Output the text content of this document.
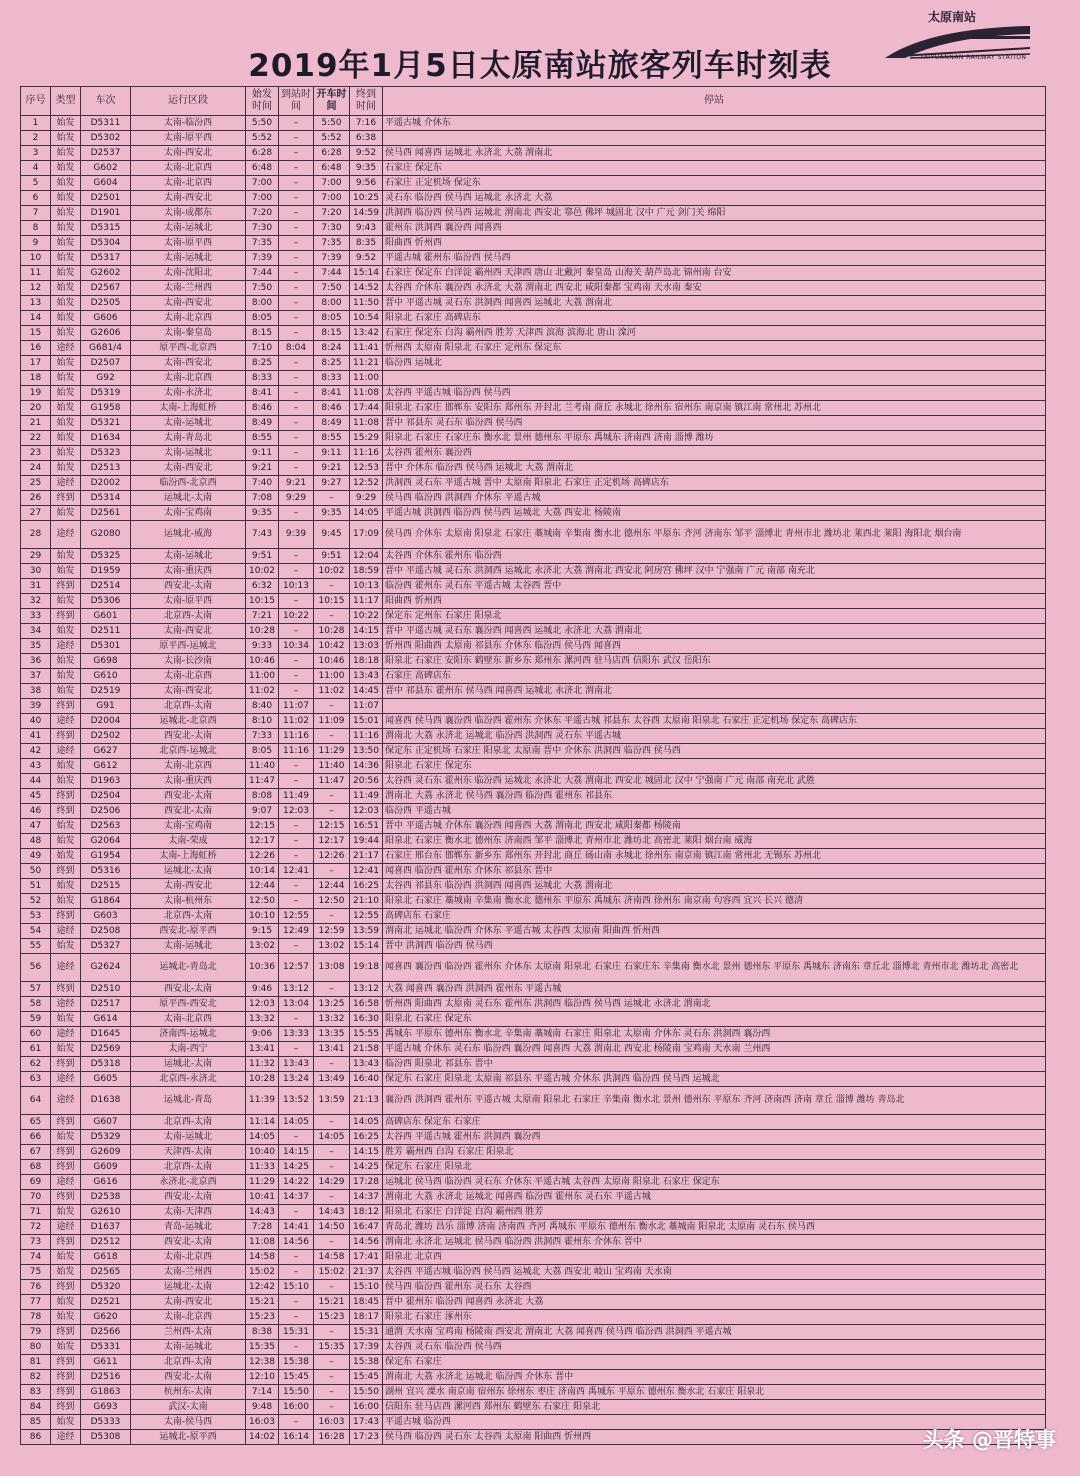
2019年1月5日太原南站旅客列车时刻表
太原南站
TAIYUANNAN RAILWAY STATION
序号	类型	车次	运行区段	始发时间	到站时间	开车时间	终到时间	停站
1	始发	D5311	太南-临汾西	5:50	–	5:50	7:16	平遥古城 介休东
2	始发	D5302	太南-原平西	5:52	–	5:52	6:38	
3	始发	D2537	太南-西安北	6:28	–	6:28	9:52	侯马西 闻喜西 运城北 永济北 大荔 渭南北
4	始发	G602	太南-北京西	6:48	–	6:48	9:35	石家庄 保定东
5	始发	G604	太南-北京西	7:00	–	7:00	9:56	石家庄 正定机场 保定东
6	始发	D2501	太南-西安北	7:00	–	7:00	10:25	灵石东 临汾西 侯马西 运城北 永济北 大荔
7	始发	D1901	太南-成都东	7:20	–	7:20	14:59	洪洞西 临汾西 侯马西 运城北 渭南北 西安北 鄠邑 佛坪 城固北 汉中 广元 剑门关 绵阳
8	始发	D5315	太南-运城北	7:30	–	7:30	9:43	霍州东 洪洞西 襄汾西 闻喜西
9	始发	D5304	太南-原平西	7:35	–	7:35	8:35	阳曲西 忻州西
10	始发	D5317	太南-运城北	7:39	–	7:39	9:52	平遥古城 霍州东 临汾西 侯马西
11	始发	G2602	太南-沈阳北	7:44	–	7:44	15:14	石家庄 保定东 白洋淀 霸州西 天津西 唐山 北戴河 秦皇岛 山海关 葫芦岛北 锦州南 台安
12	始发	D2567	太南-兰州西	7:50	–	7:50	14:52	太谷西 介休东 襄汾西 永济北 大荔 渭南北 西安北 咸阳秦都 宝鸡南 天水南 秦安
13	始发	D2505	太南-西安北	8:00	–	8:00	11:50	晋中 平遥古城 灵石东 洪洞西 闻喜西 运城北 大荔 渭南北
14	始发	G606	太南-北京西	8:05	–	8:05	10:54	阳泉北 石家庄 高碑店东
15	始发	G2606	太南-秦皇岛	8:15	–	8:15	13:42	石家庄 保定东 白沟 霸州西 胜芳 天津西 滨海 滨海北 唐山 滦河
16	途经	G681/4	原平西-北京西	7:10	8:04	8:24	11:41	忻州西 太原南 阳泉北 石家庄 定州东 保定东
17	始发	D2507	太南-西安北	8:25	–	8:25	11:21	临汾西 运城北
18	始发	G92	太南-北京西	8:33	–	8:33	11:00	
19	始发	D5319	太南-永济北	8:41	–	8:41	11:08	太谷西 平遥古城 临汾西 侯马西
20	始发	G1958	太南-上海虹桥	8:46	–	8:46	17:44	阳泉北 石家庄 邯郸东 安阳东 郑州东 开封北 兰考南 商丘 永城北 徐州东 宿州东 南京南 镇江南 常州北 苏州北
21	始发	D5321	太南-运城北	8:49	–	8:49	11:08	晋中 祁县东 灵石东 临汾西 侯马西
22	始发	D1634	太南-青岛北	8:55	–	8:55	15:29	阳泉北 石家庄 石家庄东 衡水北 景州 德州东 平原东 禹城东 济南西 济南 淄博 潍坊
23	始发	D5323	太南-运城北	9:11	–	9:11	11:16	太谷西 霍州东 襄汾西
24	始发	D2513	太南-西安北	9:21	–	9:21	12:53	晋中 介休东 临汾西 侯马西 运城北 大荔 渭南北
25	途经	D2002	临汾西-北京西	7:40	9:21	9:27	12:52	洪洞西 灵石东 平遥古城 晋中 太原南 阳泉北 石家庄 正定机场 高碑店东
26	终到	D5314	运城北-太南	7:08	9:29	–	9:29	侯马西 临汾西 洪洞西 介休东 平遥古城
27	始发	D2561	太南-宝鸡南	9:35	–	9:35	14:05	平遥古城 洪洞西 临汾西 侯马西 运城北 大荔 西安北 杨陵南
28	途经	G2080	运城北-威海	7:43	9:39	9:45	17:09	侯马西 介休东 太原南 阳泉北 石家庄 藁城南 辛集南 衡水北 德州东 平原东 齐河 济南东 邹平 淄博北 青州市北 潍坊北 莱西北 莱阳 海阳北 烟台南
29	始发	D5325	太南-运城北	9:51	–	9:51	12:04	太谷西 介休东 霍州东 临汾西
30	始发	D1959	太南-重庆西	10:02	–	10:02	18:59	晋中 平遥古城 灵石东 洪洞西 运城北 永济北 大荔 渭南北 西安北 阿房宫 佛坪 汉中 宁强南 广元 南部 南充北
31	终到	D2514	西安北-太南	6:32	10:13	–	10:13	临汾西 霍州东 灵石东 平遥古城 太谷西 晋中
32	始发	D5306	太南-原平西	10:15	–	10:15	11:17	阳曲西 忻州西
33	终到	G601	北京西-太南	7:21	10:22	–	10:22	保定东 定州东 石家庄 阳泉北
34	始发	D2511	太南-西安北	10:28	–	10:28	14:15	晋中 平遥古城 灵石东 襄汾西 闻喜西 运城北 永济北 大荔 渭南北
35	途经	D5301	原平西-运城北	9:33	10:34	10:42	13:03	忻州西 阳曲西 太原南 祁县东 介休东 临汾西 侯马西 闻喜西
36	始发	G698	太南-长沙南	10:46	–	10:46	18:18	阳泉北 石家庄 安阳东 鹤壁东 新乡东 郑州东 漯河西 驻马店西 信阳东 武汉 岳阳东
37	始发	G610	太南-北京西	11:00	–	11:00	13:43	石家庄 高碑店东
38	始发	D2519	太南-西安北	11:02	–	11:02	14:45	晋中 祁县东 霍州东 侯马西 闻喜西 运城北 永济北 渭南北
39	终到	G91	北京西-太南	8:40	11:07	–	11:07	
40	途经	D2004	运城北-北京西	8:10	11:02	11:09	15:01	闻喜西 侯马西 襄汾西 临汾西 霍州东 介休东 平遥古城 祁县东 太谷西 太原南 阳泉北 石家庄 正定机场 保定东 高碑店东
41	终到	D2502	西安北-太南	7:33	11:16	–	11:16	渭南北 大荔 永济北 运城北 临汾西 洪洞西 灵石东 平遥古城
42	途经	G627	北京西-运城北	8:05	11:16	11:29	13:50	保定东 正定机场 石家庄 阳泉北 太原南 晋中 介休东 洪洞西 临汾西 侯马西
43	始发	G612	太南-北京西	11:40	–	11:40	14:36	阳泉北 石家庄 保定东
44	始发	D1963	太南-重庆西	11:47	–	11:47	20:56	太谷西 灵石东 霍州东 临汾西 运城北 永济北 大荔 渭南北 西安北 城固北 汉中 宁强南 广元 南部 南充北 武胜
45	终到	D2504	西安北-太南	8:08	11:49	–	11:49	渭南北 大荔 永济北 侯马西 襄汾西 临汾西 霍州东 祁县东
46	终到	D2506	西安北-太南	9:07	12:03	–	12:03	临汾西 平遥古城
47	始发	D2563	太南-宝鸡南	12:15	–	12:15	16:51	晋中 平遥古城 介休东 襄汾西 闻喜西 大荔 渭南北 西安北 咸阳秦都 杨陵南
48	始发	G2064	太南-荣成	12:17	–	12:17	19:44	阳泉北 石家庄 衡水北 德州东 济南西 邹平 淄博北 青州市北 潍坊北 高密北 莱阳 烟台南 威海
49	始发	G1954	太南-上海虹桥	12:26	–	12:26	21:17	石家庄 邢台东 邯郸东 新乡东 郑州东 开封北 商丘 砀山南 永城北 徐州东 南京南 镇江南 常州北 无锡东 苏州北
50	终到	D5316	运城北-太南	10:14	12:41	–	12:41	闻喜西 临汾西 霍州东 介休东 祁县东 晋中
51	始发	D2515	太南-西安北	12:44	–	12:44	16:25	太谷西 祁县东 临汾西 洪洞西 闻喜西 运城北 大荔 渭南北
52	始发	G1864	太南-杭州东	12:50	–	12:50	21:10	阳泉北 石家庄 藁城南 辛集南 衡水北 德州东 平原东 禹城东 济南西 徐州东 南京南 句容西 宜兴 长兴 德清
53	终到	G603	北京西-太南	10:10	12:55	–	12:55	高碑店东 石家庄
54	途经	D2508	西安北-原平西	9:15	12:49	12:59	13:59	渭南北 运城北 临汾西 介休东 平遥古城 太谷西 太原南 阳曲西 忻州西
55	始发	D5327	太南-运城北	13:02	–	13:02	15:14	晋中 洪洞西 临汾西 侯马西
56	途经	G2624	运城北-青岛北	10:36	12:57	13:08	19:18	闻喜西 襄汾西 临汾西 霍州东 介休东 太原南 阳泉北 石家庄 石家庄东 辛集南 衡水北 景州 德州东 平原东 禹城东 济南东 章丘北 淄博北 青州市北 潍坊北 高密北
57	终到	D2510	西安北-太南	9:46	13:12	–	13:12	大荔 闻喜西 襄汾西 洪洞西 霍州东 平遥古城
58	途经	D2517	原平西-西安北	12:03	13:04	13:25	16:58	忻州西 阳曲西 太原南 灵石东 霍州东 洪洞西 临汾西 侯马西 运城北 永济北 渭南北
59	始发	G614	太南-北京西	13:32	–	13:32	16:30	阳泉北 石家庄 保定东
60	途经	D1645	济南西-运城北	9:06	13:33	13:35	15:55	禹城东 平原东 德州东 衡水北 辛集南 藁城南 石家庄 阳泉北 太原南 介休东 灵石东 洪洞西 襄汾西
61	始发	D2569	太南-西宁	13:41	–	13:41	21:58	平遥古城 介休东 灵石东 临汾西 襄汾西 闻喜西 大荔 渭南北 西安北 杨陵南 宝鸡南 天水南 兰州西
62	终到	D5318	运城北-太南	11:32	13:43	–	13:43	临汾西 阳泉北 祁县东 晋中
63	途经	G605	北京西-永济北	10:28	13:24	13:49	16:40	保定东 石家庄 阳泉北 太原南 祁县东 平遥古城 介休东 洪洞西 临汾西 侯马西 运城北
64	途经	D1638	运城北-青岛	11:39	13:52	13:59	21:13	襄汾西 洪洞西 霍州东 平遥古城 太原南 阳泉北 石家庄 辛集南 衡水北 景州 德州东 平原东 齐河 济南西 济南 章丘 淄博 潍坊 青岛北
65	终到	G607	北京西-太南	11:14	14:05	–	14:05	高碑店东 保定东 石家庄
66	始发	D5329	太南-运城北	14:05	–	14:05	16:25	太谷西 平遥古城 霍州东 洪洞西 襄汾西
67	终到	G2609	天津西-太南	10:40	14:15	–	14:15	胜芳 霸州西 白沟 石家庄 阳泉北
68	终到	G609	北京西-太南	11:33	14:25	–	14:25	保定东 石家庄 阳泉北
69	途经	G616	永济北-北京西	11:29	14:22	14:29	17:28	运城北 侯马西 临汾西 灵石东 介休东 平遥古城 太谷西 太原南 阳泉北 石家庄 保定东
70	终到	D2538	西安北-太南	10:41	14:37	–	14:37	渭南北 大荔 永济北 运城北 闻喜西 临汾西 霍州东 灵石东 平遥古城
71	始发	G2610	太南-天津西	14:43	–	14:43	18:12	阳泉北 石家庄 白洋淀 白沟 霸州西 胜芳
72	途经	D1637	青岛-运城北	7:28	14:41	14:50	16:47	青岛北 潍坊 昌乐 淄博 济南 济南西 齐河 禹城东 平原东 德州东 衡水北 藁城南 阳泉北 太原南 灵石东 侯马西
73	终到	D2512	西安北-太南	11:08	14:56	–	14:56	渭南北 永济北 运城北 侯马西 临汾西 洪洞西 霍州东 介休东 晋中
74	始发	G618	太南-北京西	14:58	–	14:58	17:41	阳泉北 北京西
75	始发	D2565	太南-兰州西	15:02	–	15:02	21:37	太谷西 平遥古城 临汾西 侯马西 运城北 大荔 西安北 岐山 宝鸡南 天水南
76	终到	D5320	运城北-太南	12:42	15:10	–	15:10	侯马西 临汾西 霍州东 灵石东 太谷西
77	始发	D2521	太南-西安北	15:21	–	15:21	18:45	晋中 霍州东 临汾西 闻喜西 永济北 大荔
78	始发	G620	太南-北京西	15:23	–	15:23	18:17	阳泉北 石家庄 涿州东
79	终到	D2566	兰州西-太南	8:38	15:31	–	15:31	通渭 天水南 宝鸡南 杨陵南 西安北 渭南北 大荔 闻喜西 侯马西 临汾西 洪洞西 平遥古城
80	始发	D5331	太南-运城北	15:35	–	15:35	17:39	太谷西 灵石东 临汾西 侯马西
81	终到	G611	北京西-太南	12:38	15:38	–	15:38	保定东 石家庄
82	终到	D2516	西安北-太南	12:10	15:45	–	15:45	渭南北 大荔 永济北 运城北 临汾西 介休东 晋中
83	终到	G1863	杭州东-太南	7:14	15:50	–	15:50	湖州 宜兴 溧水 南京南 宿州东 徐州东 枣庄 济南西 禹城东 平原东 德州东 衡水北 石家庄 阳泉北
84	终到	G693	武汉-太南	9:48	16:00	–	16:00	信阳东 驻马店西 漯河西 郑州东 鹤壁东 石家庄 阳泉北
85	始发	D5333	太南-侯马西	16:03	–	16:03	17:43	平遥古城 临汾西
86	途经	D5308	运城北-原平西	14:02	16:14	16:28	17:23	侯马西 临汾西 灵石东 太谷西 太原南 阳曲西 忻州西	头条 @晋特事
